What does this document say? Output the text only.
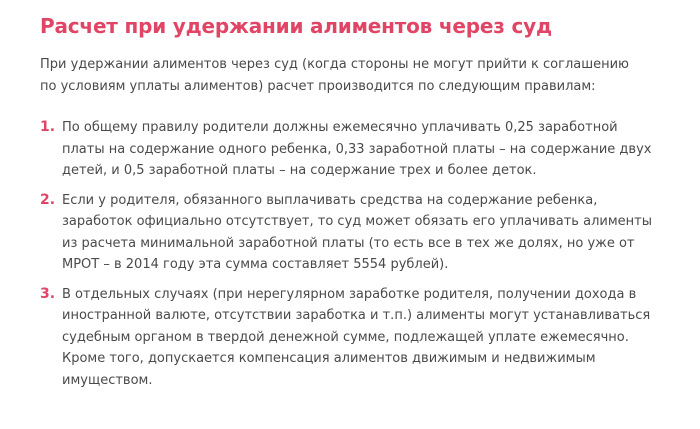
Расчет при удержании алиментов через суд

При удержании алиментов через суд (когда стороны не могут прийти к соглашению по условиям уплаты алиментов) расчет производится по следующим правилам:

1. По общему правилу родители должны ежемесячно уплачивать 0,25 заработной платы на содержание одного ребенка, 0,33 заработной платы – на содержание двух детей, и 0,5 заработной платы – на содержание трех и более деток.
2. Если у родителя, обязанного выплачивать средства на содержание ребенка, заработок официально отсутствует, то суд может обязать его уплачивать алименты из расчета минимальной заработной платы (то есть все в тех же долях, но уже от МРОТ – в 2014 году эта сумма составляет 5554 рублей).
3. В отдельных случаях (при нерегулярном заработке родителя, получении дохода в иностранной валюте, отсутствии заработка и т.п.) алименты могут устанавливаться судебным органом в твердой денежной сумме, подлежащей уплате ежемесячно. Кроме того, допускается компенсация алиментов движимым и недвижимым имуществом.
